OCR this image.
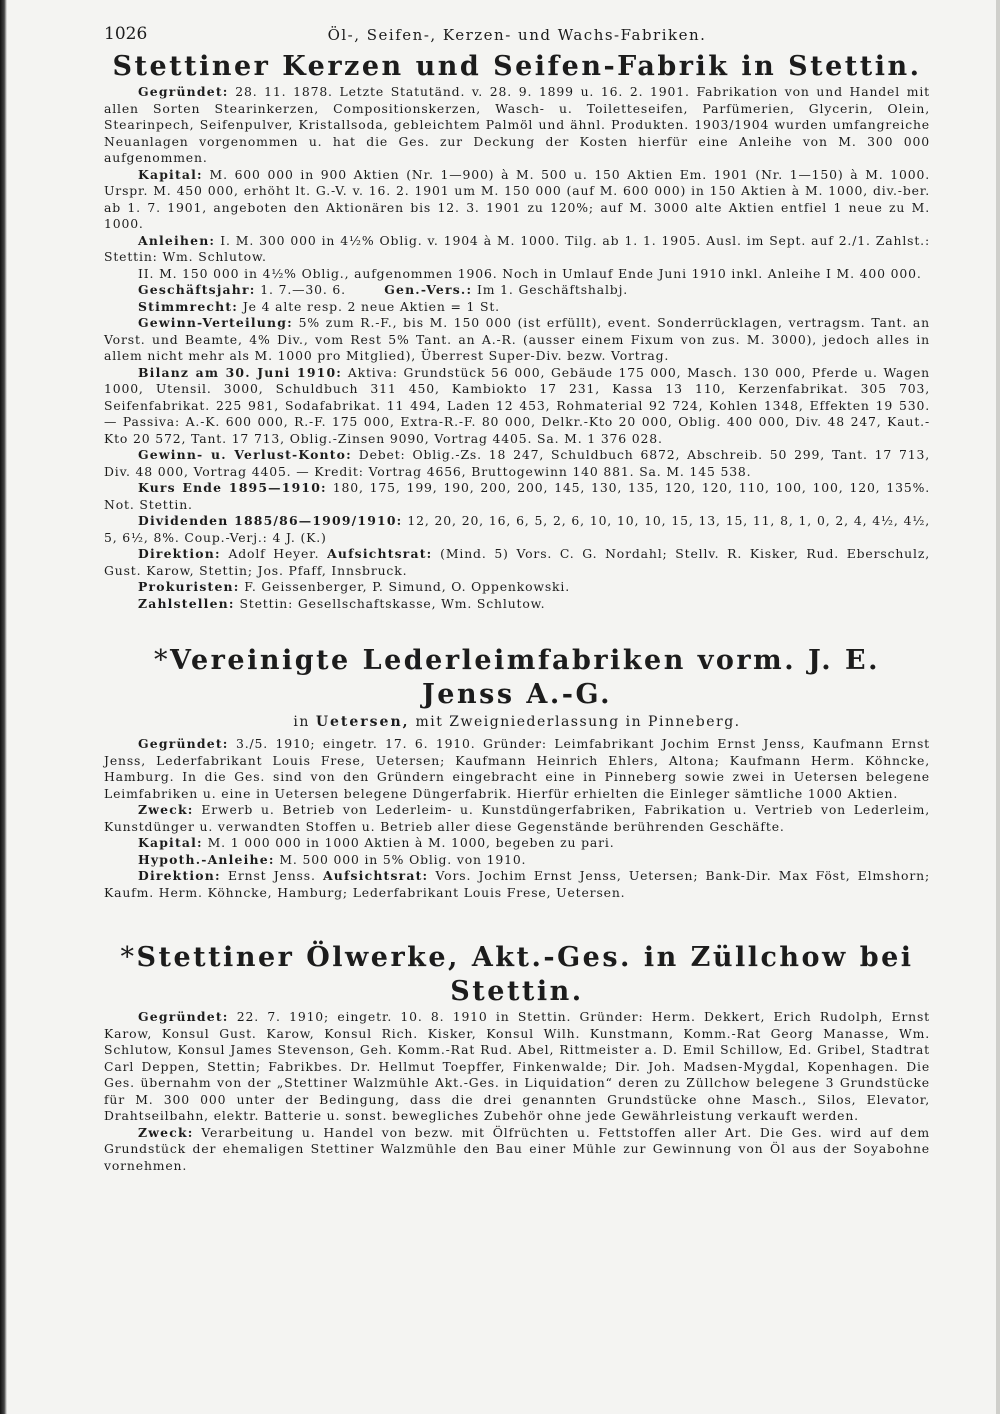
1026	Öl-, Seifen-, Kerzen- und Wachs-Fabriken.
Stettiner Kerzen und Seifen-Fabrik in Stettin.

Gegründet: 28. 11. 1878. Letzte Statutänd. v. 28. 9. 1899 u. 16. 2. 1901. Fabrikation von und Handel mit allen Sorten Stearinkerzen, Compositionskerzen, Wasch- u. Toiletteseifen, Parfümerien, Glycerin, Olein, Stearinpech, Seifenpulver, Kristallsoda, gebleichtem Palmöl und ähnl. Produkten. 1903/1904 wurden umfangreiche Neuanlagen vorgenommen u. hat die Ges. zur Deckung der Kosten hierfür eine Anleihe von M. 300 000 aufgenommen.

Kapital: M. 600 000 in 900 Aktien (Nr. 1—900) à M. 500 u. 150 Aktien Em. 1901 (Nr. 1—150) à M. 1000. Urspr. M. 450 000, erhöht lt. G.-V. v. 16. 2. 1901 um M. 150 000 (auf M. 600 000) in 150 Aktien à M. 1000, div.-ber. ab 1. 7. 1901, angeboten den Aktionären bis 12. 3. 1901 zu 120%; auf M. 3000 alte Aktien entfiel 1 neue zu M. 1000.

Anleihen: I. M. 300 000 in 4½% Oblig. v. 1904 à M. 1000. Tilg. ab 1. 1. 1905. Ausl. im Sept. auf 2./1. Zahlst.: Stettin: Wm. Schlutow.

II. M. 150 000 in 4½% Oblig., aufgenommen 1906. Noch in Umlauf Ende Juni 1910 inkl. Anleihe I M. 400 000.

Geschäftsjahr: 1. 7.—30. 6.        Gen.-Vers.: Im 1. Geschäftshalbj.

Stimmrecht: Je 4 alte resp. 2 neue Aktien = 1 St.

Gewinn-Verteilung: 5% zum R.-F., bis M. 150 000 (ist erfüllt), event. Sonderrücklagen, vertragsm. Tant. an Vorst. und Beamte, 4% Div., vom Rest 5% Tant. an A.-R. (ausser einem Fixum von zus. M. 3000), jedoch alles in allem nicht mehr als M. 1000 pro Mitglied), Überrest Super-Div. bezw. Vortrag.

Bilanz am 30. Juni 1910: Aktiva: Grundstück 56 000, Gebäude 175 000, Masch. 130 000, Pferde u. Wagen 1000, Utensil. 3000, Schuldbuch 311 450, Kambiokto 17 231, Kassa 13 110, Kerzenfabrikat. 305 703, Seifenfabrikat. 225 981, Sodafabrikat. 11 494, Laden 12 453, Rohmaterial 92 724, Kohlen 1348, Effekten 19 530. — Passiva: A.-K. 600 000, R.-F. 175 000, Extra-R.-F. 80 000, Delkr.-Kto 20 000, Oblig. 400 000, Div. 48 247, Kaut.-Kto 20 572, Tant. 17 713, Oblig.-Zinsen 9090, Vortrag 4405. Sa. M. 1 376 028.

Gewinn- u. Verlust-Konto: Debet: Oblig.-Zs. 18 247, Schuldbuch 6872, Abschreib. 50 299, Tant. 17 713, Div. 48 000, Vortrag 4405. — Kredit: Vortrag 4656, Bruttogewinn 140 881. Sa. M. 145 538.

Kurs Ende 1895—1910: 180, 175, 199, 190, 200, 200, 145, 130, 135, 120, 120, 110, 100, 100, 120, 135%. Not. Stettin.

Dividenden 1885/86—1909/1910: 12, 20, 20, 16, 6, 5, 2, 6, 10, 10, 10, 15, 13, 15, 11, 8, 1, 0, 2, 4, 4½, 4½, 5, 6½, 8%. Coup.-Verj.: 4 J. (K.)

Direktion: Adolf Heyer. Aufsichtsrat: (Mind. 5) Vors. C. G. Nordahl; Stellv. R. Kisker, Rud. Eberschulz, Gust. Karow, Stettin; Jos. Pfaff, Innsbruck.

Prokuristen: F. Geissenberger, P. Simund, O. Oppenkowski.

Zahlstellen: Stettin: Gesellschaftskasse, Wm. Schlutow.

*Vereinigte Lederleimfabriken vorm. J. E. Jenss A.-G.
in Uetersen, mit Zweigniederlassung in Pinneberg.

Gegründet: 3./5. 1910; eingetr. 17. 6. 1910. Gründer: Leimfabrikant Jochim Ernst Jenss, Kaufmann Ernst Jenss, Lederfabrikant Louis Frese, Uetersen; Kaufmann Heinrich Ehlers, Altona; Kaufmann Herm. Köhncke, Hamburg. In die Ges. sind von den Gründern eingebracht eine in Pinneberg sowie zwei in Uetersen belegene Leimfabriken u. eine in Uetersen belegene Düngerfabrik. Hierfür erhielten die Einleger sämtliche 1000 Aktien.

Zweck: Erwerb u. Betrieb von Lederleim- u. Kunstdüngerfabriken, Fabrikation u. Vertrieb von Lederleim, Kunstdünger u. verwandten Stoffen u. Betrieb aller diese Gegenstände berührenden Geschäfte.

Kapital: M. 1 000 000 in 1000 Aktien à M. 1000, begeben zu pari.

Hypoth.-Anleihe: M. 500 000 in 5% Oblig. von 1910.

Direktion: Ernst Jenss. Aufsichtsrat: Vors. Jochim Ernst Jenss, Uetersen; Bank-Dir. Max Föst, Elmshorn; Kaufm. Herm. Köhncke, Hamburg; Lederfabrikant Louis Frese, Uetersen.

*Stettiner Ölwerke, Akt.-Ges. in Züllchow bei Stettin.

Gegründet: 22. 7. 1910; eingetr. 10. 8. 1910 in Stettin. Gründer: Herm. Dekkert, Erich Rudolph, Ernst Karow, Konsul Gust. Karow, Konsul Rich. Kisker, Konsul Wilh. Kunstmann, Komm.-Rat Georg Manasse, Wm. Schlutow, Konsul James Stevenson, Geh. Komm.-Rat Rud. Abel, Rittmeister a. D. Emil Schillow, Ed. Gribel, Stadtrat Carl Deppen, Stettin; Fabrikbes. Dr. Hellmut Toepffer, Finkenwalde; Dir. Joh. Madsen-Mygdal, Kopenhagen. Die Ges. übernahm von der „Stettiner Walzmühle Akt.-Ges. in Liquidation“ deren zu Züllchow belegene 3 Grundstücke für M. 300 000 unter der Bedingung, dass die drei genannten Grundstücke ohne Masch., Silos, Elevator, Drahtseilbahn, elektr. Batterie u. sonst. bewegliches Zubehör ohne jede Gewährleistung verkauft werden.

Zweck: Verarbeitung u. Handel von bezw. mit Ölfrüchten u. Fettstoffen aller Art. Die Ges. wird auf dem Grundstück der ehemaligen Stettiner Walzmühle den Bau einer Mühle zur Gewinnung von Öl aus der Soyabohne vornehmen.
